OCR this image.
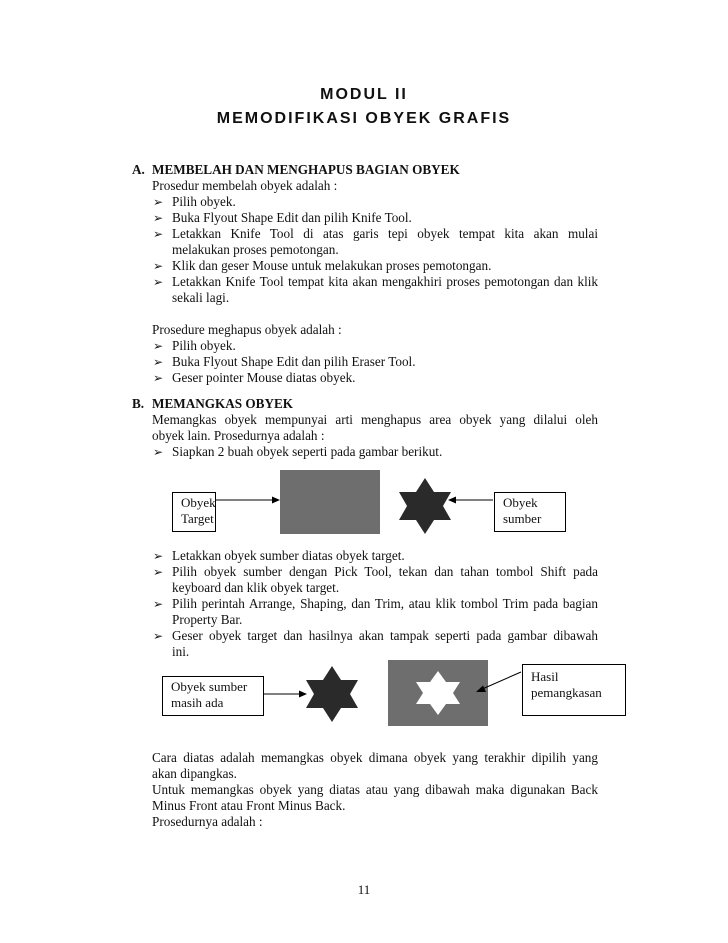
MODUL II
MEMODIFIKASI OBYEK GRAFIS
A. MEMBELAH DAN MENGHAPUS BAGIAN OBYEK
Prosedur membelah obyek adalah :
➢ Pilih obyek.
➢ Buka Flyout Shape Edit dan pilih Knife Tool.
➢ Letakkan Knife Tool di atas garis tepi obyek tempat kita akan mulai
melakukan proses pemotongan.
➢ Klik dan geser Mouse untuk melakukan proses pemotongan.
➢ Letakkan Knife Tool tempat kita akan mengakhiri proses pemotongan dan klik
sekali lagi.
Prosedure meghapus obyek adalah :
➢ Pilih obyek.
➢ Buka Flyout Shape Edit dan pilih Eraser Tool.
➢ Geser pointer Mouse diatas obyek.
B. MEMANGKAS OBYEK
Memangkas obyek mempunyai arti menghapus area obyek yang dilalui oleh
obyek lain. Prosedurnya adalah :
➢ Siapkan 2 buah obyek seperti pada gambar berikut.
Obyek
Target
Obyek
sumber
➢ Letakkan obyek sumber diatas obyek target.
➢ Pilih obyek sumber dengan Pick Tool, tekan dan tahan tombol Shift pada
keyboard dan klik obyek target.
➢ Pilih perintah Arrange, Shaping, dan Trim, atau klik tombol Trim pada bagian
Property Bar.
➢ Geser obyek target dan hasilnya akan tampak seperti pada gambar dibawah
ini.
Obyek sumber
masih ada
Hasil
pemangkasan
Cara diatas adalah memangkas obyek dimana obyek yang terakhir dipilih yang
akan dipangkas.
Untuk memangkas obyek yang diatas atau yang dibawah maka digunakan Back
Minus Front atau Front Minus Back.
Prosedurnya adalah :
11
